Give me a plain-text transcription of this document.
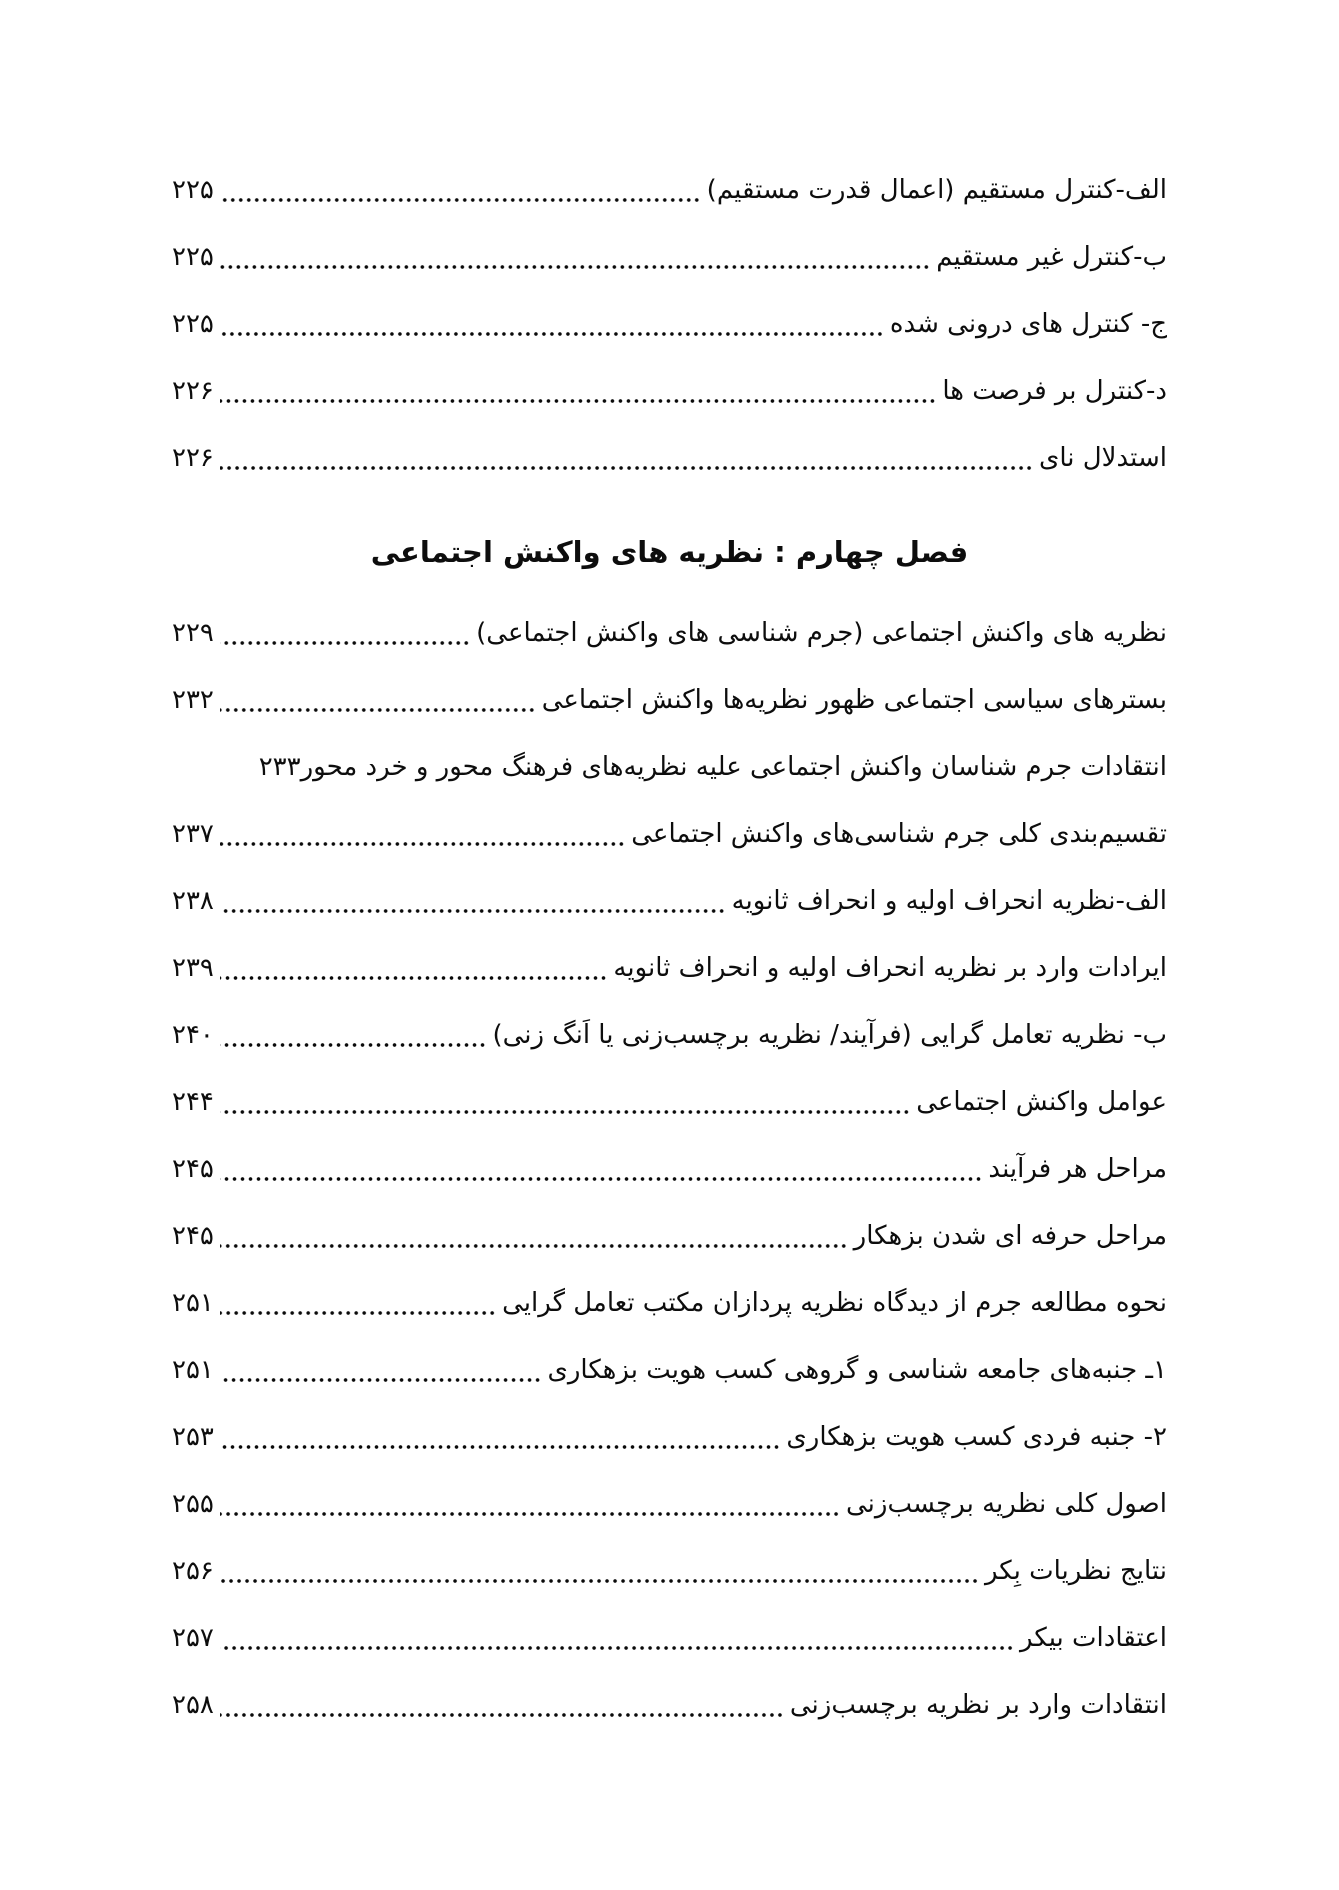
الف-کنترل مستقیم (اعمال قدرت مستقیم)
۲۲۵
ب-کنترل غیر مستقیم
۲۲۵
ج- کنترل های درونی شده
۲۲۵
د-کنترل بر فرصت ها
۲۲۶
استدلال نای
۲۲۶
فصل چهارم : نظریه های واکنش اجتماعی
نظریه های واکنش اجتماعی (جرم شناسی های واکنش اجتماعی)
۲۲۹
بسترهای سیاسی اجتماعی ظهور نظریه‌ها واکنش اجتماعی
۲۳۲
انتقادات جرم شناسان واکنش اجتماعی علیه نظریه‌های فرهنگ محور و خرد محور
۲۳۳
تقسیم‌بندی کلی جرم شناسی‌های واکنش اجتماعی
۲۳۷
الف-نظریه انحراف اولیه و انحراف ثانویه
۲۳۸
ایرادات وارد بر نظریه انحراف اولیه و انحراف ثانویه
۲۳۹
ب- نظریه تعامل گرایی (فرآیند/ نظریه برچسب‌زنی یا اَنگ زنی)
۲۴۰
عوامل واکنش اجتماعی
۲۴۴
مراحل هر فرآیند
۲۴۵
مراحل حرفه ای شدن بزهکار
۲۴۵
نحوه مطالعه جرم از دیدگاه نظریه پردازان مکتب تعامل گرایی
۲۵۱
۱ـ جنبه‌های جامعه شناسی و گروهی کسب هویت بزهکاری
۲۵۱
۲- جنبه فردی کسب هویت بزهکاری
۲۵۳
اصول کلی نظریه برچسب‌زنی
۲۵۵
نتایج نظریات بِکر
۲۵۶
اعتقادات بیکر
۲۵۷
انتقادات وارد بر نظریه برچسب‌زنی
۲۵۸
